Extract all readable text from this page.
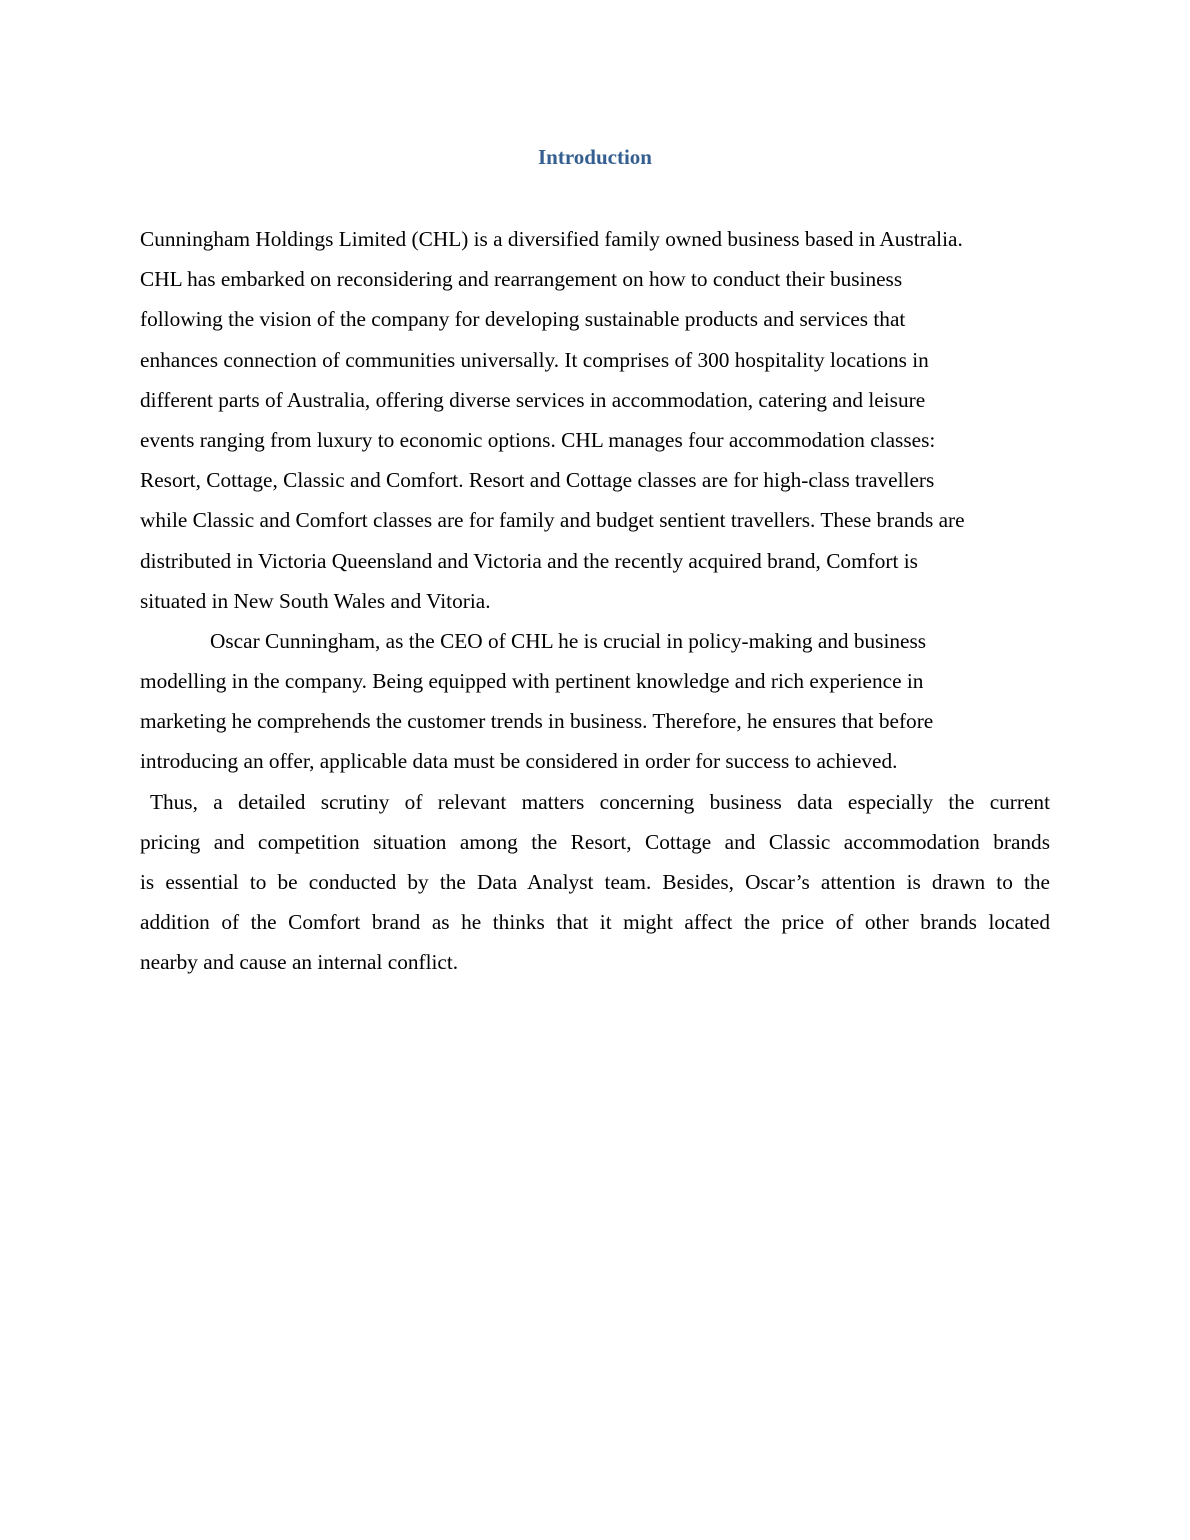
Introduction
Cunningham Holdings Limited (CHL) is a diversified family owned business based in Australia.
CHL has embarked on reconsidering and rearrangement on how to conduct their business
following the vision of the company for developing sustainable products and services that
enhances connection of communities universally. It comprises of 300 hospitality locations in
different parts of Australia, offering diverse services in accommodation, catering and leisure
events ranging from luxury to economic options. CHL manages four accommodation classes:
Resort, Cottage, Classic and Comfort. Resort and Cottage classes are for high-class travellers
while Classic and Comfort classes are for family and budget sentient travellers. These brands are
distributed in Victoria Queensland and Victoria and the recently acquired brand, Comfort is
situated in New South Wales and Vitoria.
Oscar Cunningham, as the CEO of CHL he is crucial in policy-making and business
modelling in the company. Being equipped with pertinent knowledge and rich experience in
marketing he comprehends the customer trends in business. Therefore, he ensures that before
introducing an offer, applicable data must be considered in order for success to achieved.
Thus, a detailed scrutiny of relevant matters concerning business data especially the current
pricing and competition situation among the Resort, Cottage and Classic accommodation brands
is essential to be conducted by the Data Analyst team. Besides, Oscar’s attention is drawn to the
addition of the Comfort brand as he thinks that it might affect the price of other brands located
nearby and cause an internal conflict.
